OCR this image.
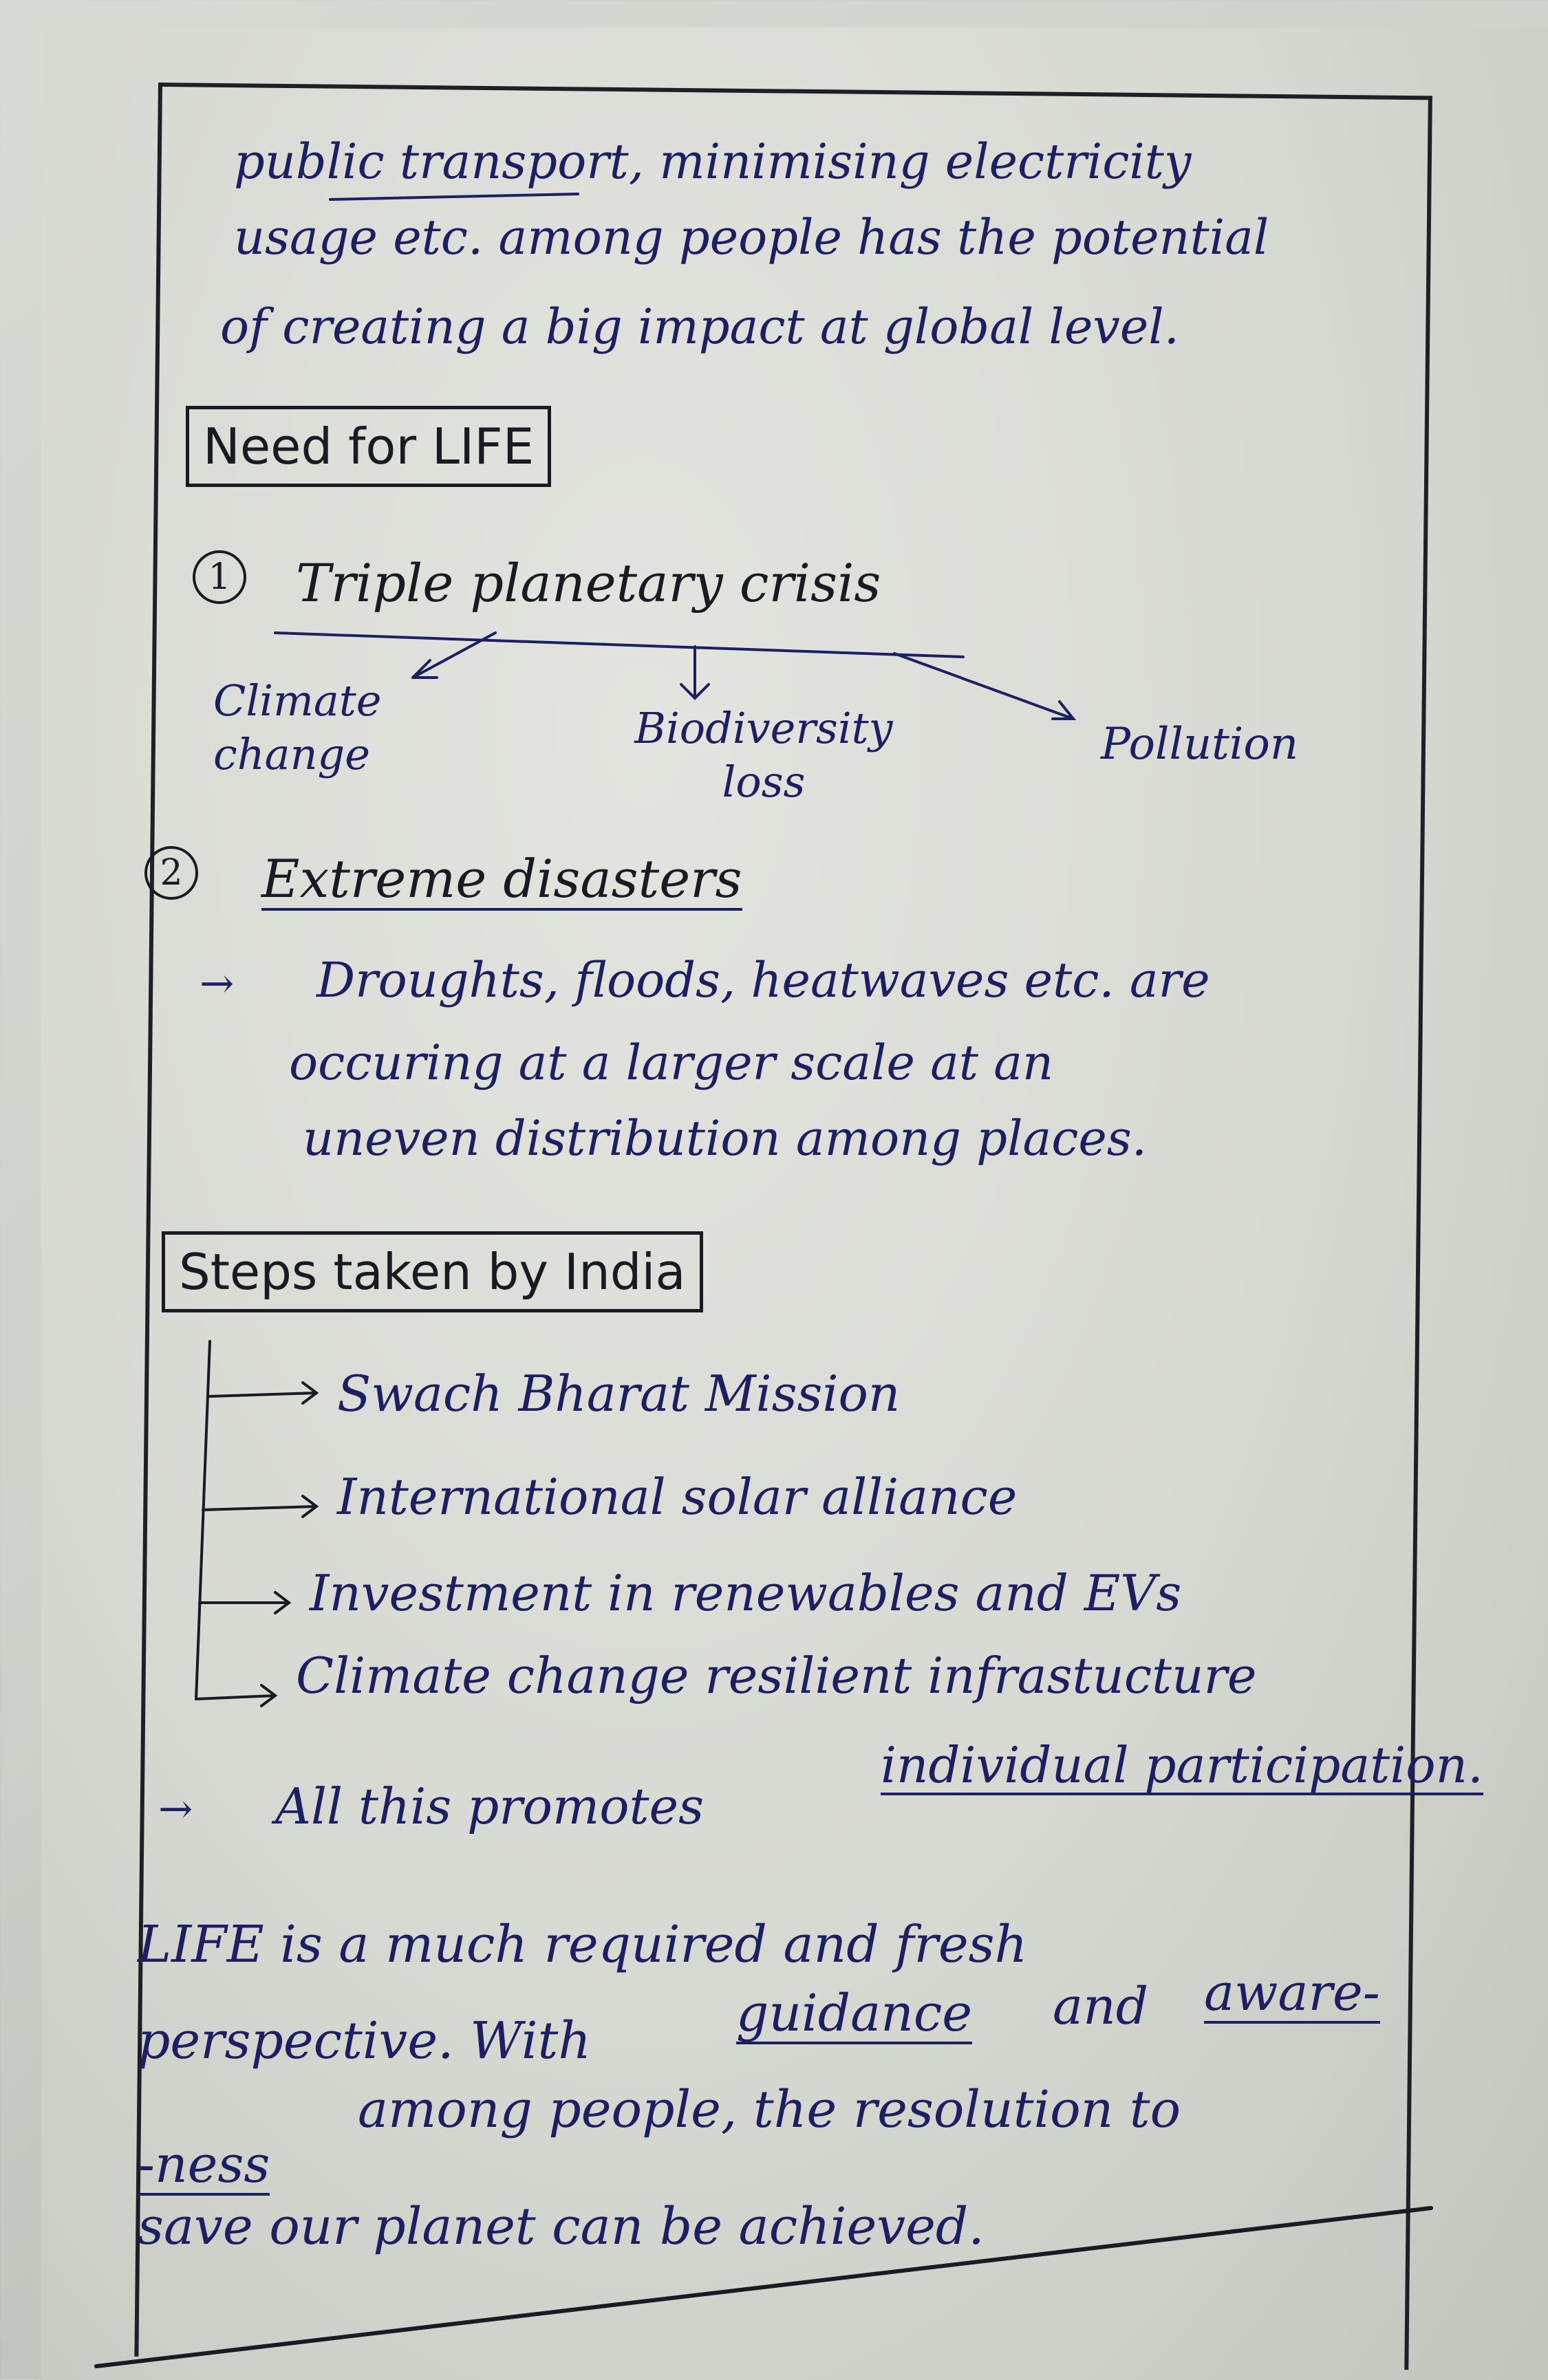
public transport, minimising electricity
usage etc. among people has the potential
of creating a big impact at global level.
Need for LIFE
1 Triple planetary crisis
Climate change
Biodiversity loss
Pollution
2 Extreme disasters
→ Droughts, floods, heatwaves etc. are
occuring at a larger scale at an
uneven distribution among places.
Steps taken by India
Swach Bharat Mission
International solar alliance
Investment in renewables and EVs
Climate change resilient infrastucture
→ All this promotes
individual participation.
LIFE is a much required and fresh
perspective. With	guidance and aware-
-ness
among people, the resolution to
save our planet can be achieved.
